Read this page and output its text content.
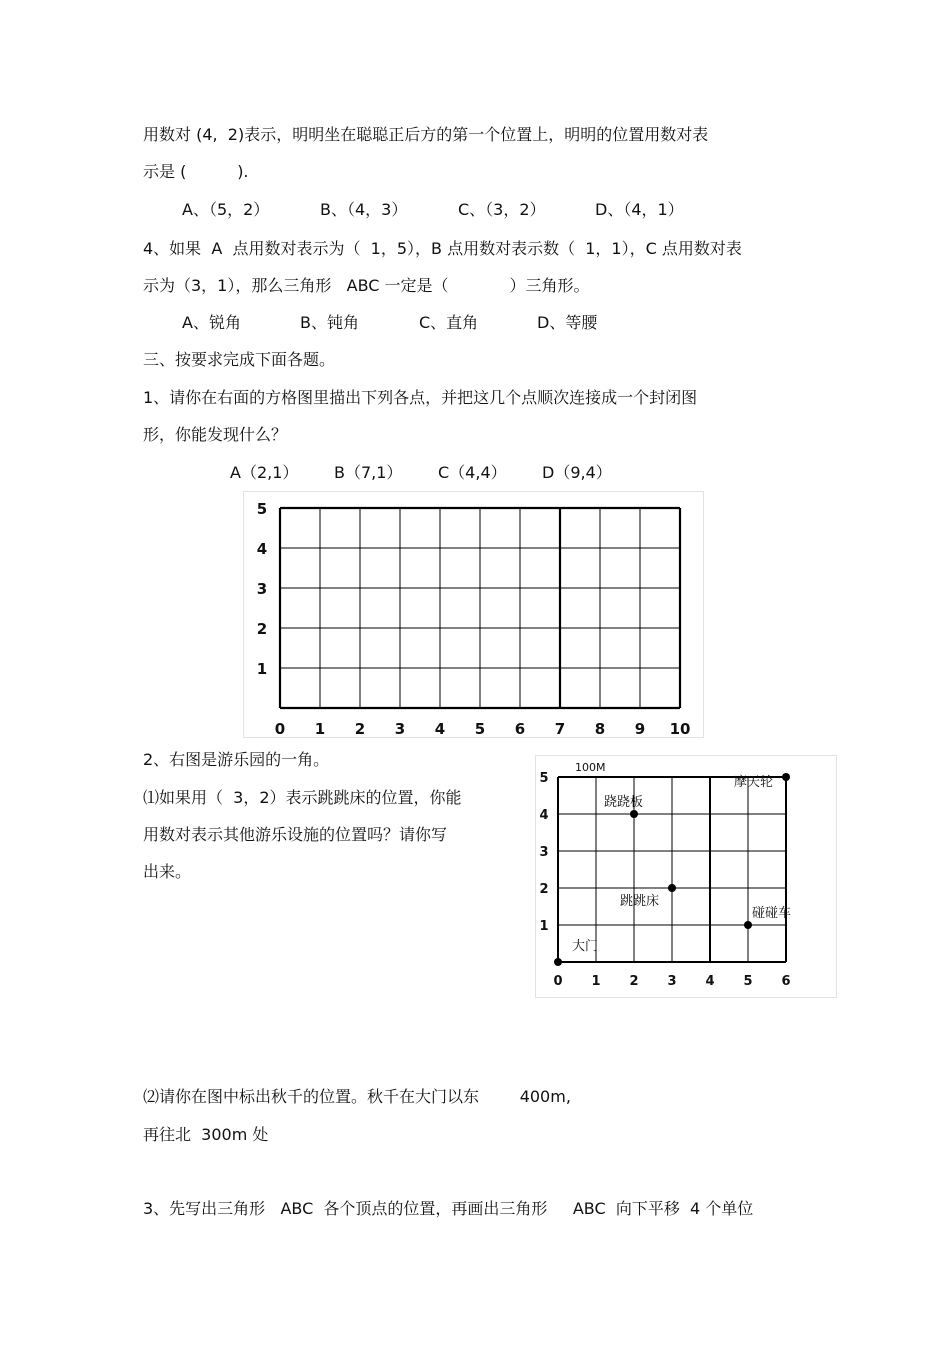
用数对 (4,  2)表示，明明坐在聪聪正后方的第一个位置上，明明的位置用数对表
示是 (          ).
A、（5，2）	B、（4，3）	C、（3，2）	D、（4，1）
4、如果  A  点用数对表示为（  1，5），B 点用数对表示数（  1，1），C 点用数对表
示为（3，1），那么三角形   ABC 一定是（            ）三角形。
A、锐角	B、钝角	C、直角	D、等腰
三、按要求完成下面各题。
1、请你在右面的方格图里描出下列各点，并把这几个点顺次连接成一个封闭图
形，你能发现什么？
A（2,1） B（7,1） C（4,4） D（9,4）
0 1 2 3 4 5 6 7 8 9 10
1
2
3
4
5
2、右图是游乐园的一角。
⑴如果用（  3，2）表示跳跳床的位置，你能
用数对表示其他游乐设施的位置吗？请你写
出来。
0 1 2 3 4 5 6
1
2
3
4
5
跷跷板
摩天轮
跳跳床
碰碰车
大门
100M
⑵请你在图中标出秋千的位置。秋千在大门以东        400m,
再往北  300m 处
3、先写出三角形   ABC  各个顶点的位置，再画出三角形     ABC  向下平移  4 个单位
